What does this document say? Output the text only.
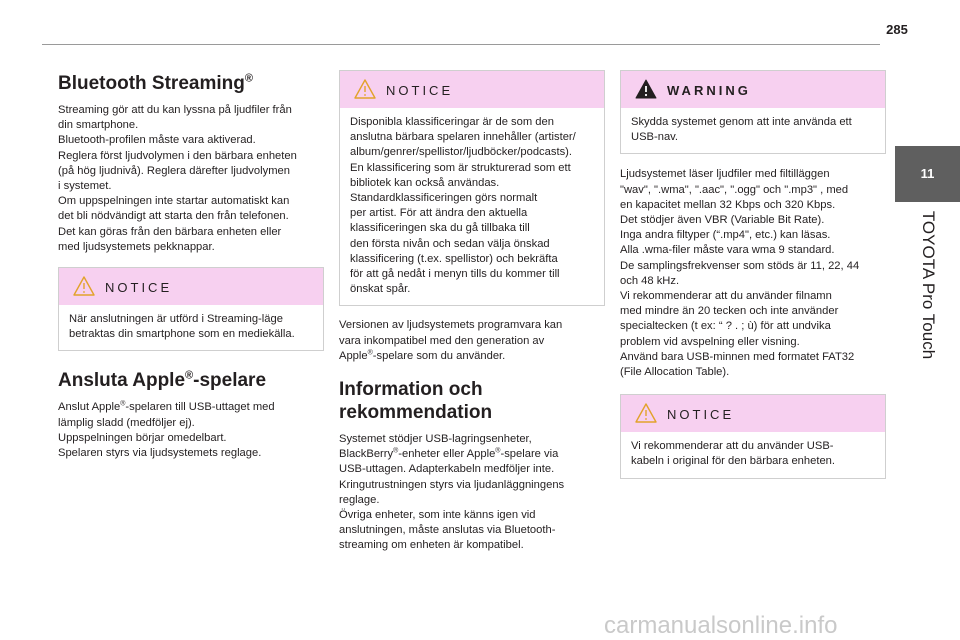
285
11
TOYOTA Pro Touch
Bluetooth Streaming®
Streaming gör att du kan lyssna på ljudfiler från
din smartphone.
Bluetooth-profilen måste vara aktiverad.
Reglera först ljudvolymen i den bärbara enheten
(på hög ljudnivå). Reglera därefter ljudvolymen
i systemet.
Om uppspelningen inte startar automatiskt kan
det bli nödvändigt att starta den från telefonen.
Det kan göras från den bärbara enheten eller
med ljudsystemets pekknappar.
NOTICE
När anslutningen är utförd i Streaming-läge
betraktas din smartphone som en mediekälla.
Ansluta Apple®-spelare
Anslut Apple®-spelaren till USB-uttaget med
lämplig sladd (medföljer ej).
Uppspelningen börjar omedelbart.
Spelaren styrs via ljudsystemets reglage.
NOTICE
Disponibla klassificeringar är de som den
anslutna bärbara spelaren innehåller (artister/
album/genrer/spellistor/ljudböcker/podcasts).
En klassificering som är strukturerad som ett
bibliotek kan också användas.
Standardklassificeringen görs normalt
per artist. För att ändra den aktuella
klassificeringen ska du gå tillbaka till
den första nivån och sedan välja önskad
klassificering (t.ex. spellistor) och bekräfta
för att gå nedåt i menyn tills du kommer till
önskat spår.
Versionen av ljudsystemets programvara kan
vara inkompatibel med den generation av
Apple®-spelare som du använder.
Information och
rekommendation
Systemet stödjer USB-lagringsenheter,
BlackBerry®-enheter eller Apple®-spelare via
USB-uttagen. Adapterkabeln medföljer inte.
Kringutrustningen styrs via ljudanläggningens
reglage.
Övriga enheter, som inte känns igen vid
anslutningen, måste anslutas via Bluetooth-
streaming om enheten är kompatibel.
WARNING
Skydda systemet genom att inte använda ett
USB-nav.
Ljudsystemet läser ljudfiler med filtilläggen
"wav", ".wma", ".aac", ".ogg" och ".mp3" , med
en kapacitet mellan 32 Kbps och 320 Kbps.
Det stödjer även VBR (Variable Bit Rate).
Inga andra filtyper (“.mp4", etc.) kan läsas.
Alla .wma-filer måste vara wma 9 standard.
De samplingsfrekvenser som stöds är 11, 22, 44
och 48 kHz.
Vi rekommenderar att du använder filnamn
med mindre än 20 tecken och inte använder
specialtecken (t ex: “ ? . ; ù) för att undvika
problem vid avspelning eller visning.
Använd bara USB-minnen med formatet FAT32
(File Allocation Table).
NOTICE
Vi rekommenderar att du använder USB-
kabeln i original för den bärbara enheten.
carmanualsonline.info
